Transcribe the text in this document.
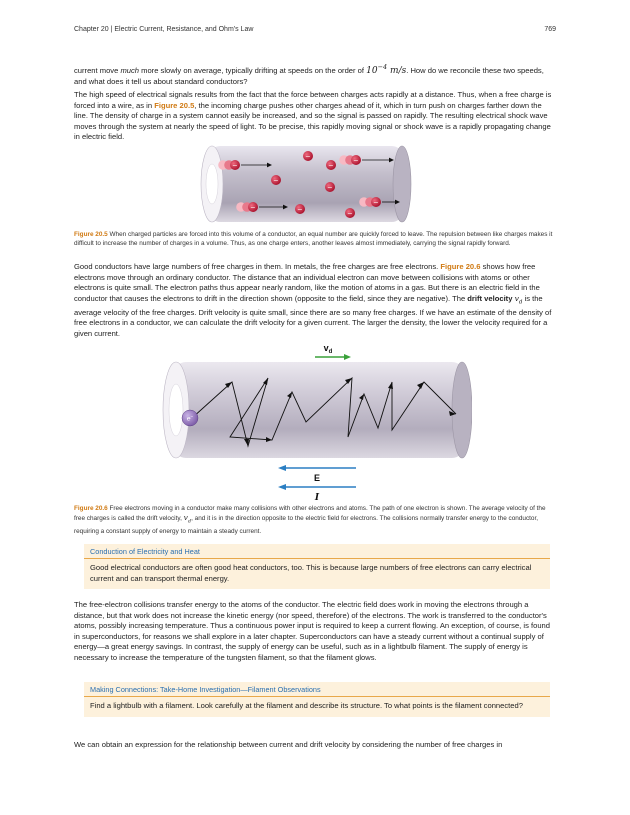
Chapter 20 | Electric Current, Resistance, and Ohm's Law	769

current move much more slowly on average, typically drifting at speeds on the order of $10^{-4}$ m/s. How do we reconcile these two speeds, and what does it tell us about standard conductors?

The high speed of electrical signals results from the fact that the force between charges acts rapidly at a distance. Thus, when a free charge is forced into a wire, as in Figure 20.5, the incoming charge pushes other charges ahead of it, which in turn push on charges farther down the line. The density of charge in a system cannot easily be increased, and so the signal is passed on rapidly. The resulting electrical shock wave moves through the system at nearly the speed of light. To be precise, this rapidly moving signal or shock wave is a rapidly propagating change in electric field.

−
−
−
−
−
−
−	−
−
−

Figure 20.5 When charged particles are forced into this volume of a conductor, an equal number are quickly forced to leave. The repulsion between like charges makes it difficult to increase the number of charges in a volume. Thus, as one charge enters, another leaves almost immediately, carrying the signal rapidly forward.

Good conductors have large numbers of free charges in them. In metals, the free charges are free electrons. Figure 20.6 shows how free electrons move through an ordinary conductor. The distance that an individual electron can move between collisions with atoms or other electrons is quite small. The electron paths thus appear nearly random, like the motion of atoms in a gas. But there is an electric field in the conductor that causes the electrons to drift in the direction shown (opposite to the field, since they are negative). The drift velocity $v_d$ is the average velocity of the free charges. Drift velocity is quite small, since there are so many free charges. If we have an estimate of the density of free electrons in a conductor, we can calculate the drift velocity for a given current. The larger the density, the lower the velocity required for a given current.

$v_d$
e−
E
I

Figure 20.6 Free electrons moving in a conductor make many collisions with other electrons and atoms. The path of one electron is shown. The average velocity of the free charges is called the drift velocity, $v_d$, and it is in the direction opposite to the electric field for electrons. The collisions normally transfer energy to the conductor, requiring a constant supply of energy to maintain a steady current.

Conduction of Electricity and Heat
Good electrical conductors are often good heat conductors, too. This is because large numbers of free electrons can carry electrical current and can transport thermal energy.

The free-electron collisions transfer energy to the atoms of the conductor. The electric field does work in moving the electrons through a distance, but that work does not increase the kinetic energy (nor speed, therefore) of the electrons. The work is transferred to the conductor's atoms, possibly increasing temperature. Thus a continuous power input is required to keep a current flowing. An exception, of course, is found in superconductors, for reasons we shall explore in a later chapter. Superconductors can have a steady current without a continual supply of energy—a great energy savings. In contrast, the supply of energy can be useful, such as in a lightbulb filament. The supply of energy is necessary to increase the temperature of the tungsten filament, so that the filament glows.

Making Connections: Take-Home Investigation—Filament Observations
Find a lightbulb with a filament. Look carefully at the filament and describe its structure. To what points is the filament connected?

We can obtain an expression for the relationship between current and drift velocity by considering the number of free charges in
